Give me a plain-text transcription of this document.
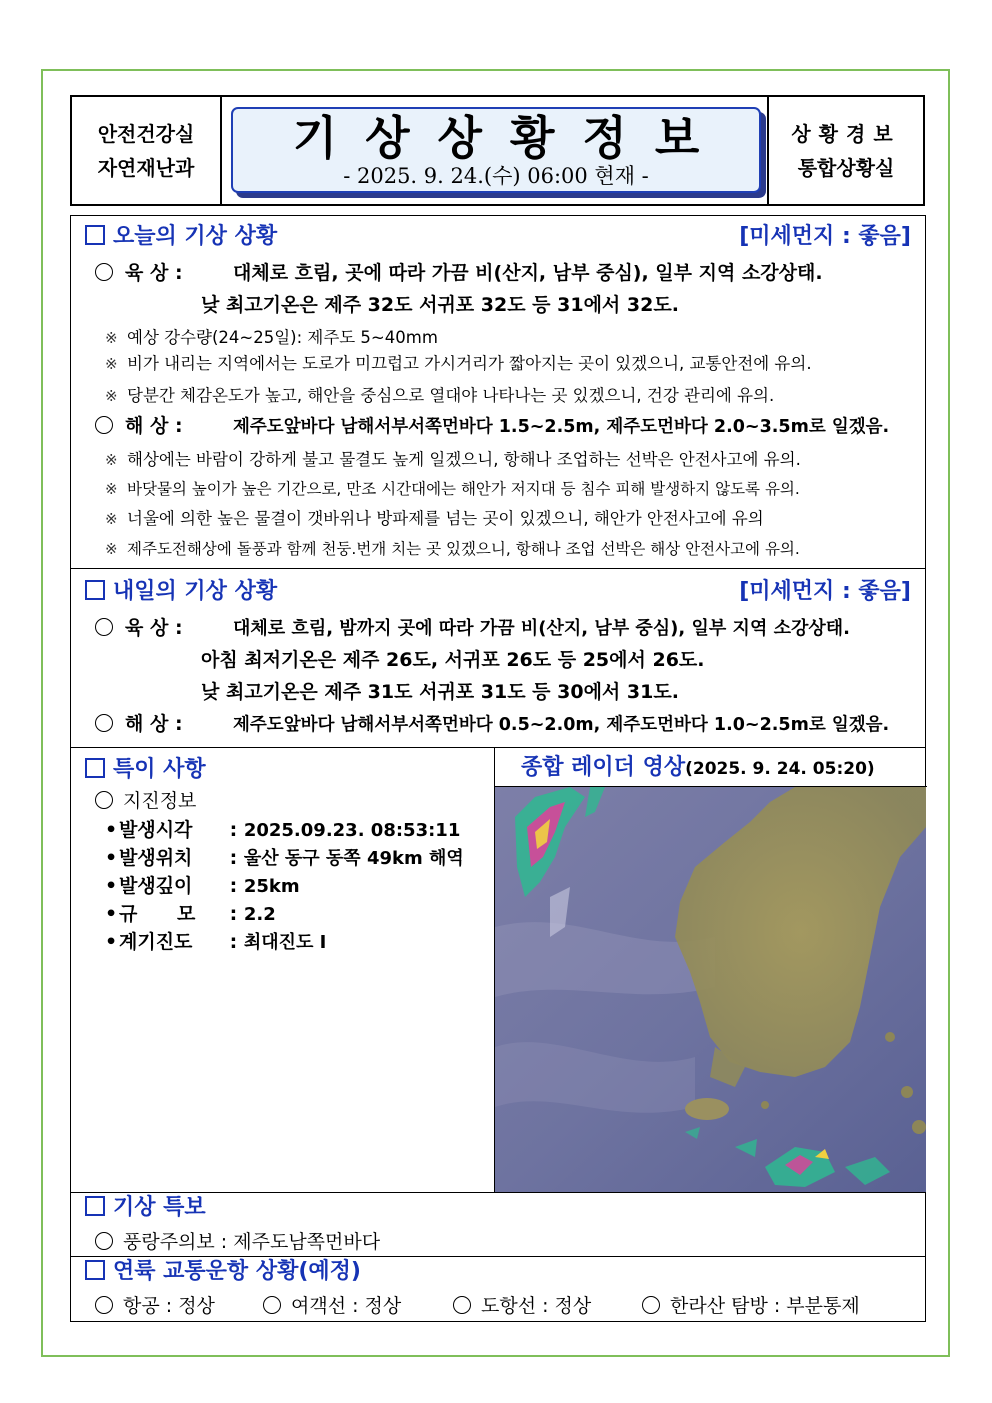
안전건강실
자연재난과
기상상황정보
- 2025. 9. 24.(수) 06:00 현재 -
상황경보
통합상황실
오늘의 기상 상황	[미세먼지 : 좋음]
육 상 :	대체로 흐림, 곳에 따라 가끔 비(산지, 남부 중심), 일부 지역 소강상태.
낮 최고기온은 제주 32도 서귀포 32도 등 31에서 32도.
※ 예상 강수량(24~25일): 제주도 5~40mm
※ 비가 내리는 지역에서는 도로가 미끄럽고 가시거리가 짧아지는 곳이 있겠으니, 교통안전에 유의.
※ 당분간 체감온도가 높고, 해안을 중심으로 열대야 나타나는 곳 있겠으니, 건강 관리에 유의.
해 상 :	제주도앞바다 남해서부서쪽먼바다 1.5~2.5m, 제주도먼바다 2.0~3.5m로 일겠음.
※ 해상에는 바람이 강하게 불고 물결도 높게 일겠으니, 항해나 조업하는 선박은 안전사고에 유의.
※ 바닷물의 높이가 높은 기간으로, 만조 시간대에는 해안가 저지대 등 침수 피해 발생하지 않도록 유의.
※ 너울에 의한 높은 물결이 갯바위나 방파제를 넘는 곳이 있겠으니, 해안가 안전사고에 유의
※ 제주도전해상에 돌풍과 함께 천둥.번개 치는 곳 있겠으니, 항해나 조업 선박은 해상 안전사고에 유의.
내일의 기상 상황	[미세먼지 : 좋음]
육 상 :	대체로 흐림, 밤까지 곳에 따라 가끔 비(산지, 남부 중심), 일부 지역 소강상태.
아침 최저기온은 제주 26도, 서귀포 26도 등 25에서 26도.
낮 최고기온은 제주 31도 서귀포 31도 등 30에서 31도.
해 상 :	제주도앞바다 남해서부서쪽먼바다 0.5~2.0m, 제주도먼바다 1.0~2.5m로 일겠음.
특이 사항
지진정보
•발생시각 : 2025.09.23. 08:53:11
•발생위치 : 울산 동구 동쪽 49km 해역
•발생깊이 : 25km
•규      모 : 2.2
•계기진도 : 최대진도 Ⅰ
종합 레이더 영상(2025. 9. 24. 05:20)
기상 특보
풍랑주의보 : 제주도남쪽먼바다
연륙 교통운항 상황(예정)
항공 : 정상	여객선 : 정상	도항선 : 정상	한라산 탐방 : 부분통제
